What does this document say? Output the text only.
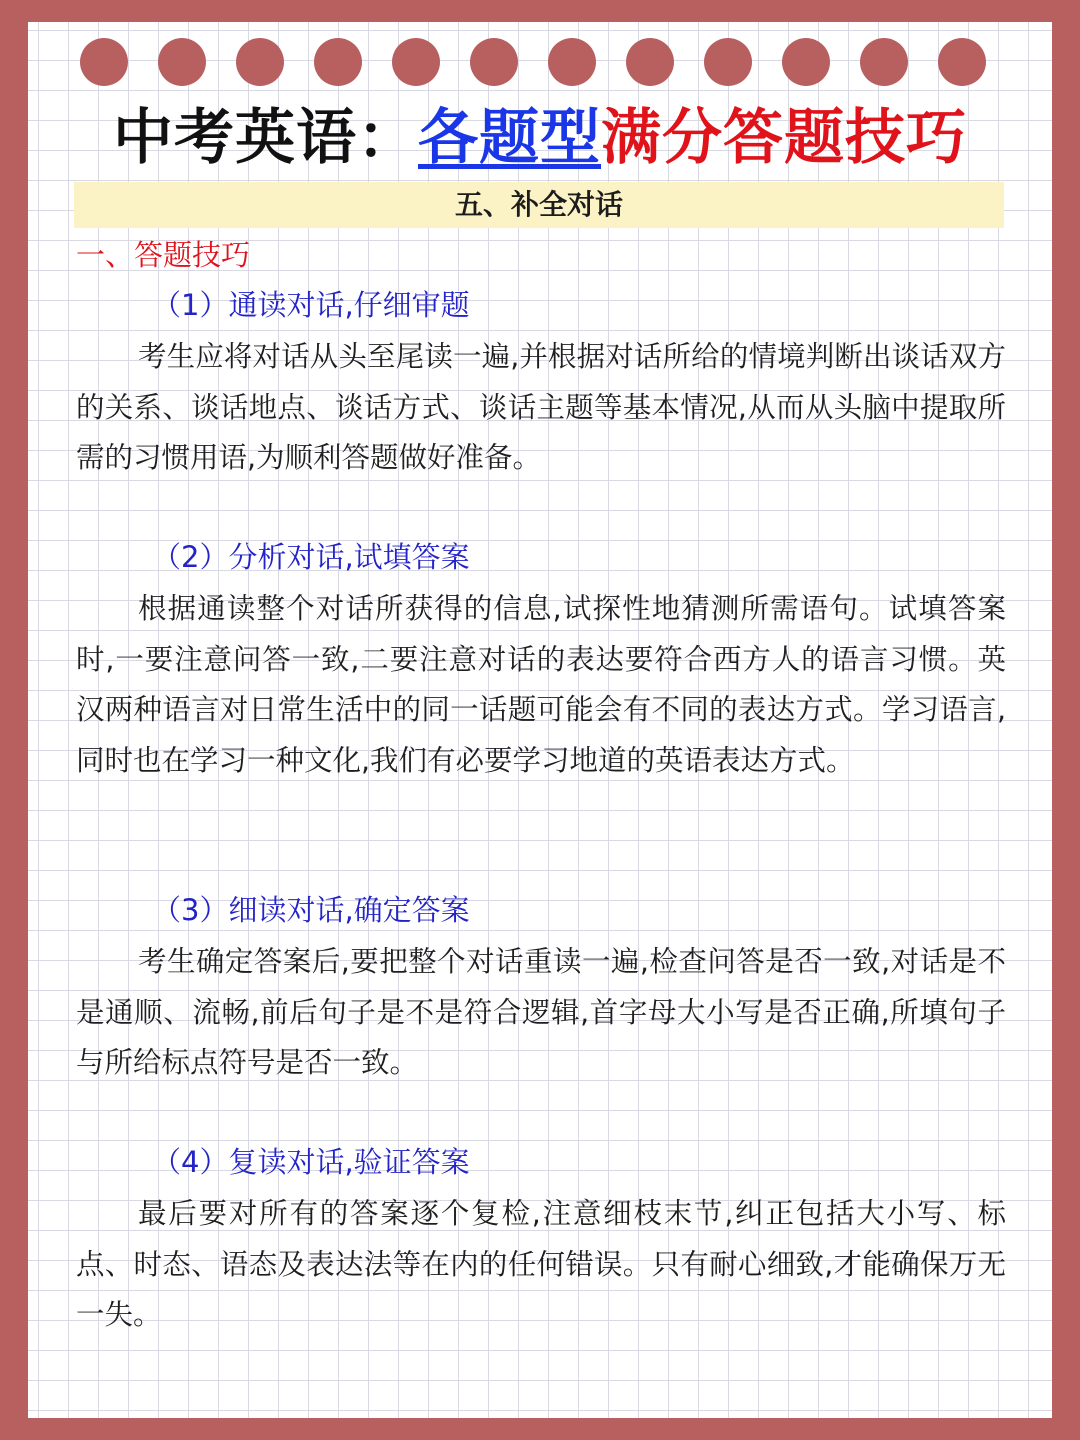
中考英语：各题型满分答题技巧
五、补全对话
一、答题技巧
（1）通读对话,仔细审题

考生应将对话从头至尾读一遍,并根据对话所给的情境判断出谈话双方的关系、谈话地点、谈话方式、谈话主题等基本情况,从而从头脑中提取所需的习惯用语,为顺利答题做好准备。

（2）分析对话,试填答案

根据通读整个对话所获得的信息,试探性地猜测所需语句。试填答案时,一要注意问答一致,二要注意对话的表达要符合西方人的语言习惯。英汉两种语言对日常生活中的同一话题可能会有不同的表达方式。学习语言,同时也在学习一种文化,我们有必要学习地道的英语表达方式。

（3）细读对话,确定答案

考生确定答案后,要把整个对话重读一遍,检查问答是否一致,对话是不是通顺、流畅,前后句子是不是符合逻辑,首字母大小写是否正确,所填句子与所给标点符号是否一致。

（4）复读对话,验证答案

最后要对所有的答案逐个复检,注意细枝末节,纠正包括大小写、标点、时态、语态及表达法等在内的任何错误。只有耐心细致,才能确保万无一失。
